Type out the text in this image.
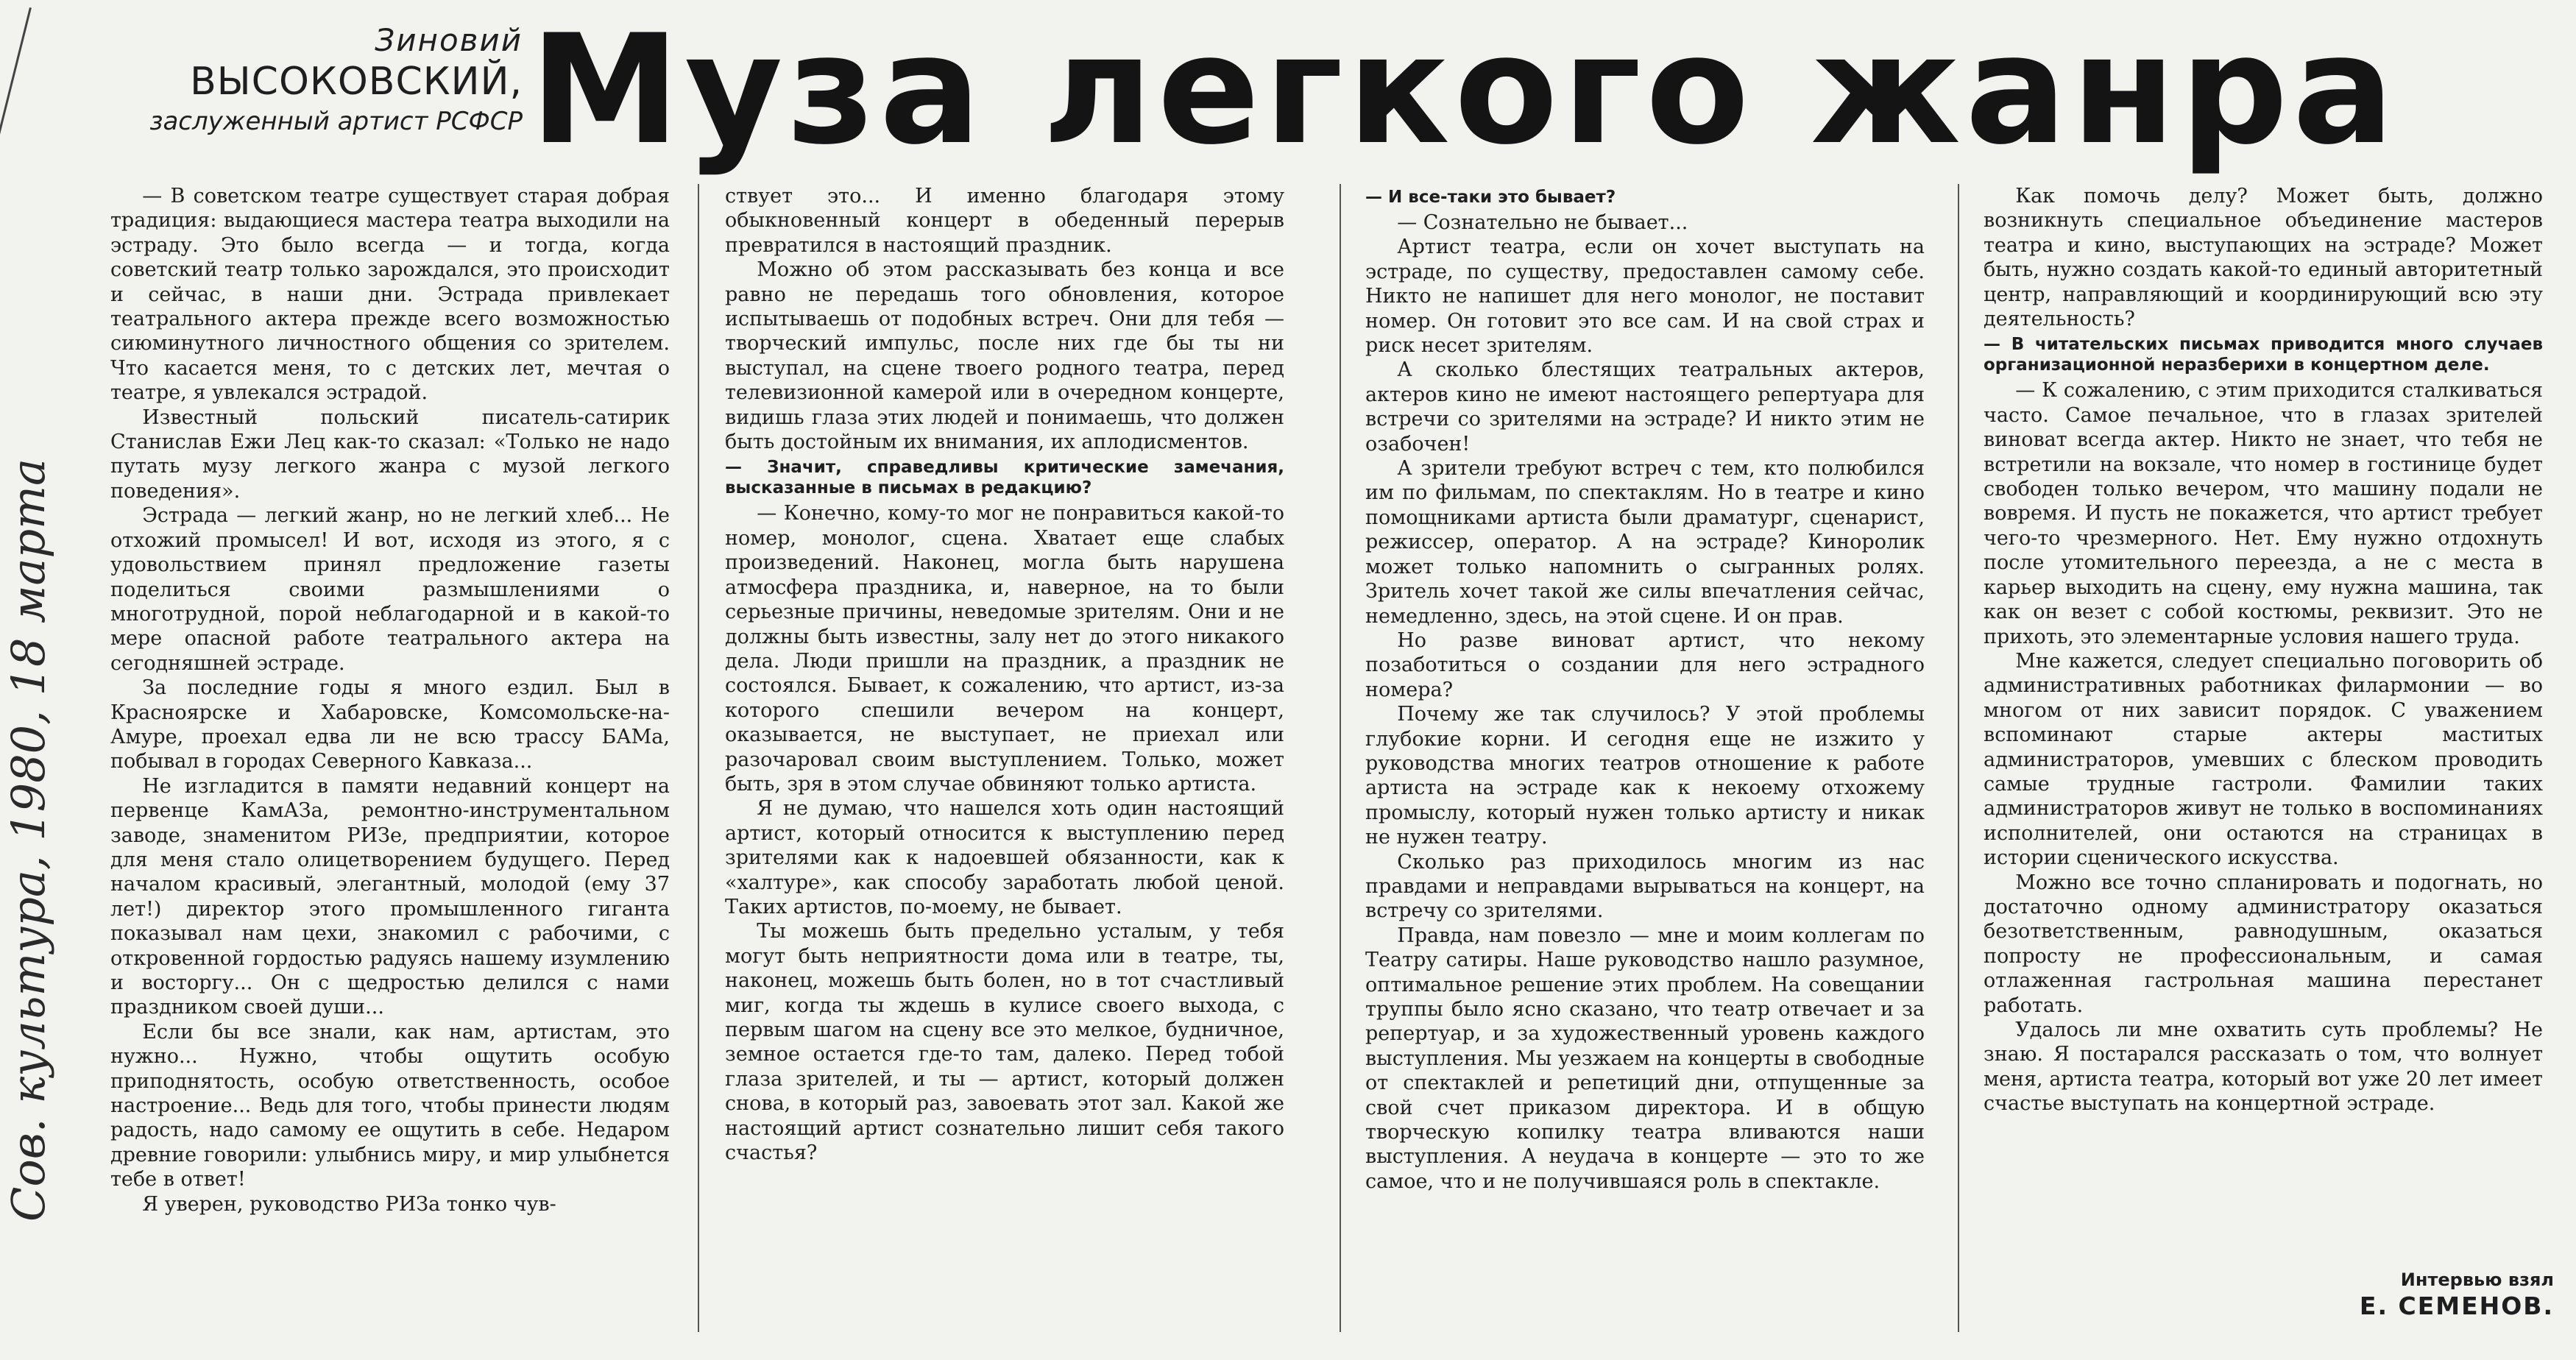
Зиновий
ВЫСОКОВСКИЙ,
заслуженный артист РСФСР Муза легкого жанра
Сов. культура, 1980, 18 марта

— В советском театре существует старая добрая традиция: выдающиеся мастера театра выходили на эстраду. Это было всегда — и тогда, когда советский театр только зарождался, это происходит и сейчас, в наши дни. Эстрада привлекает театрального актера прежде всего возможностью сиюминутного личностного общения со зрителем. Что касается меня, то с детских лет, мечтая о театре, я увлекался эстрадой.

Известный польский писатель-сатирик Станислав Ежи Лец как-то сказал: «Только не надо путать музу легкого жанра с музой легкого поведения».

Эстрада — легкий жанр, но не легкий хлеб... Не отхожий промысел! И вот, исходя из этого, я с удовольствием принял предложение газеты поделиться своими размышлениями о многотрудной, порой неблагодарной и в какой-то мере опасной работе театрального актера на сегодняшней эстраде.

За последние годы я много ездил. Был в Красноярске и Хабаровске, Комсомольске-на-Амуре, проехал едва ли не всю трассу БАМа, побывал в городах Северного Кавказа...

Не изгладится в памяти недавний концерт на первенце КамАЗа, ремонтно-инструментальном заводе, знаменитом РИЗе, предприятии, которое для меня стало олицетворением будущего. Перед началом красивый, элегантный, молодой (ему 37 лет!) директор этого промышленного гиганта показывал нам цехи, знакомил с рабочими, с откровенной гордостью радуясь нашему изумлению и восторгу... Он с щедростью делился с нами праздником своей души...

Если бы все знали, как нам, артистам, это нужно... Нужно, чтобы ощутить особую приподнятость, особую ответственность, особое настроение... Ведь для того, чтобы принести людям радость, надо самому ее ощутить в себе. Недаром древние говорили: улыбнись миру, и мир улыбнется тебе в ответ!

Я уверен, руководство РИЗа тонко чув-

ствует это... И именно благодаря этому обыкновенный концерт в обеденный перерыв превратился в настоящий праздник.

Можно об этом рассказывать без конца и все равно не передашь того обновления, которое испытываешь от подобных встреч. Они для тебя — творческий импульс, после них где бы ты ни выступал, на сцене твоего родного театра, перед телевизионной камерой или в очередном концерте, видишь глаза этих людей и понимаешь, что должен быть достойным их внимания, их аплодисментов.

— Значит, справедливы критические замечания, высказанные в письмах в редакцию?

— Конечно, кому-то мог не понравиться какой-то номер, монолог, сцена. Хватает еще слабых произведений. Наконец, могла быть нарушена атмосфера праздника, и, наверное, на то были серьезные причины, неведомые зрителям. Они и не должны быть известны, залу нет до этого никакого дела. Люди пришли на праздник, а праздник не состоялся. Бывает, к сожалению, что артист, из-за которого спешили вечером на концерт, оказывается, не выступает, не приехал или разочаровал своим выступлением. Только, может быть, зря в этом случае обвиняют только артиста.

Я не думаю, что нашелся хоть один настоящий артист, который относится к выступлению перед зрителями как к надоевшей обязанности, как к «халтуре», как способу заработать любой ценой. Таких артистов, по-моему, не бывает.

Ты можешь быть предельно усталым, у тебя могут быть неприятности дома или в театре, ты, наконец, можешь быть болен, но в тот счастливый миг, когда ты ждешь в кулисе своего выхода, с первым шагом на сцену все это мелкое, будничное, земное остается где-то там, далеко. Перед тобой глаза зрителей, и ты — артист, который должен снова, в который раз, завоевать этот зал. Какой же настоящий артист сознательно лишит себя такого счастья?

— И все-таки это бывает?

— Сознательно не бывает...

Артист театра, если он хочет выступать на эстраде, по существу, предоставлен самому себе. Никто не напишет для него монолог, не поставит номер. Он готовит это все сам. И на свой страх и риск несет зрителям.

А сколько блестящих театральных актеров, актеров кино не имеют настоящего репертуара для встречи со зрителями на эстраде? И никто этим не озабочен!

А зрители требуют встреч с тем, кто полюбился им по фильмам, по спектаклям. Но в театре и кино помощниками артиста были драматург, сценарист, режиссер, оператор. А на эстраде? Киноролик может только напомнить о сыгранных ролях. Зритель хочет такой же силы впечатления сейчас, немедленно, здесь, на этой сцене. И он прав.

Но разве виноват артист, что некому позаботиться о создании для него эстрадного номера?

Почему же так случилось? У этой проблемы глубокие корни. И сегодня еще не изжито у руководства многих театров отношение к работе артиста на эстраде как к некоему отхожему промыслу, который нужен только артисту и никак не нужен театру.

Сколько раз приходилось многим из нас правдами и неправдами вырываться на концерт, на встречу со зрителями.

Правда, нам повезло — мне и моим коллегам по Театру сатиры. Наше руководство нашло разумное, оптимальное решение этих проблем. На совещании труппы было ясно сказано, что театр отвечает и за репертуар, и за художественный уровень каждого выступления. Мы уезжаем на концерты в свободные от спектаклей и репетиций дни, отпущенные за свой счет приказом директора. И в общую творческую копилку театра вливаются наши выступления. А неудача в концерте — это то же самое, что и не получившаяся роль в спектакле.

Как помочь делу? Может быть, должно возникнуть специальное объединение мастеров театра и кино, выступающих на эстраде? Может быть, нужно создать какой-то единый авторитетный центр, направляющий и координирующий всю эту деятельность?

— В читательских письмах приводится много случаев организационной неразберихи в концертном деле.

— К сожалению, с этим приходится сталкиваться часто. Самое печальное, что в глазах зрителей виноват всегда актер. Никто не знает, что тебя не встретили на вокзале, что номер в гостинице будет свободен только вечером, что машину подали не вовремя. И пусть не покажется, что артист требует чего-то чрезмерного. Нет. Ему нужно отдохнуть после утомительного переезда, а не с места в карьер выходить на сцену, ему нужна машина, так как он везет с собой костюмы, реквизит. Это не прихоть, это элементарные условия нашего труда.

Мне кажется, следует специально поговорить об административных работниках филармонии — во многом от них зависит порядок. С уважением вспоминают старые актеры маститых администраторов, умевших с блеском проводить самые трудные гастроли. Фамилии таких администраторов живут не только в воспоминаниях исполнителей, они остаются на страницах в истории сценического искусства.

Можно все точно спланировать и подогнать, но достаточно одному администратору оказаться безответственным, равнодушным, оказаться попросту не профессиональным, и самая отлаженная гастрольная машина перестанет работать.

Удалось ли мне охватить суть проблемы? Не знаю. Я постарался рассказать о том, что волнует меня, артиста театра, который вот уже 20 лет имеет счастье выступать на концертной эстраде.

Интервью взял
Е. СЕМЕНОВ.
